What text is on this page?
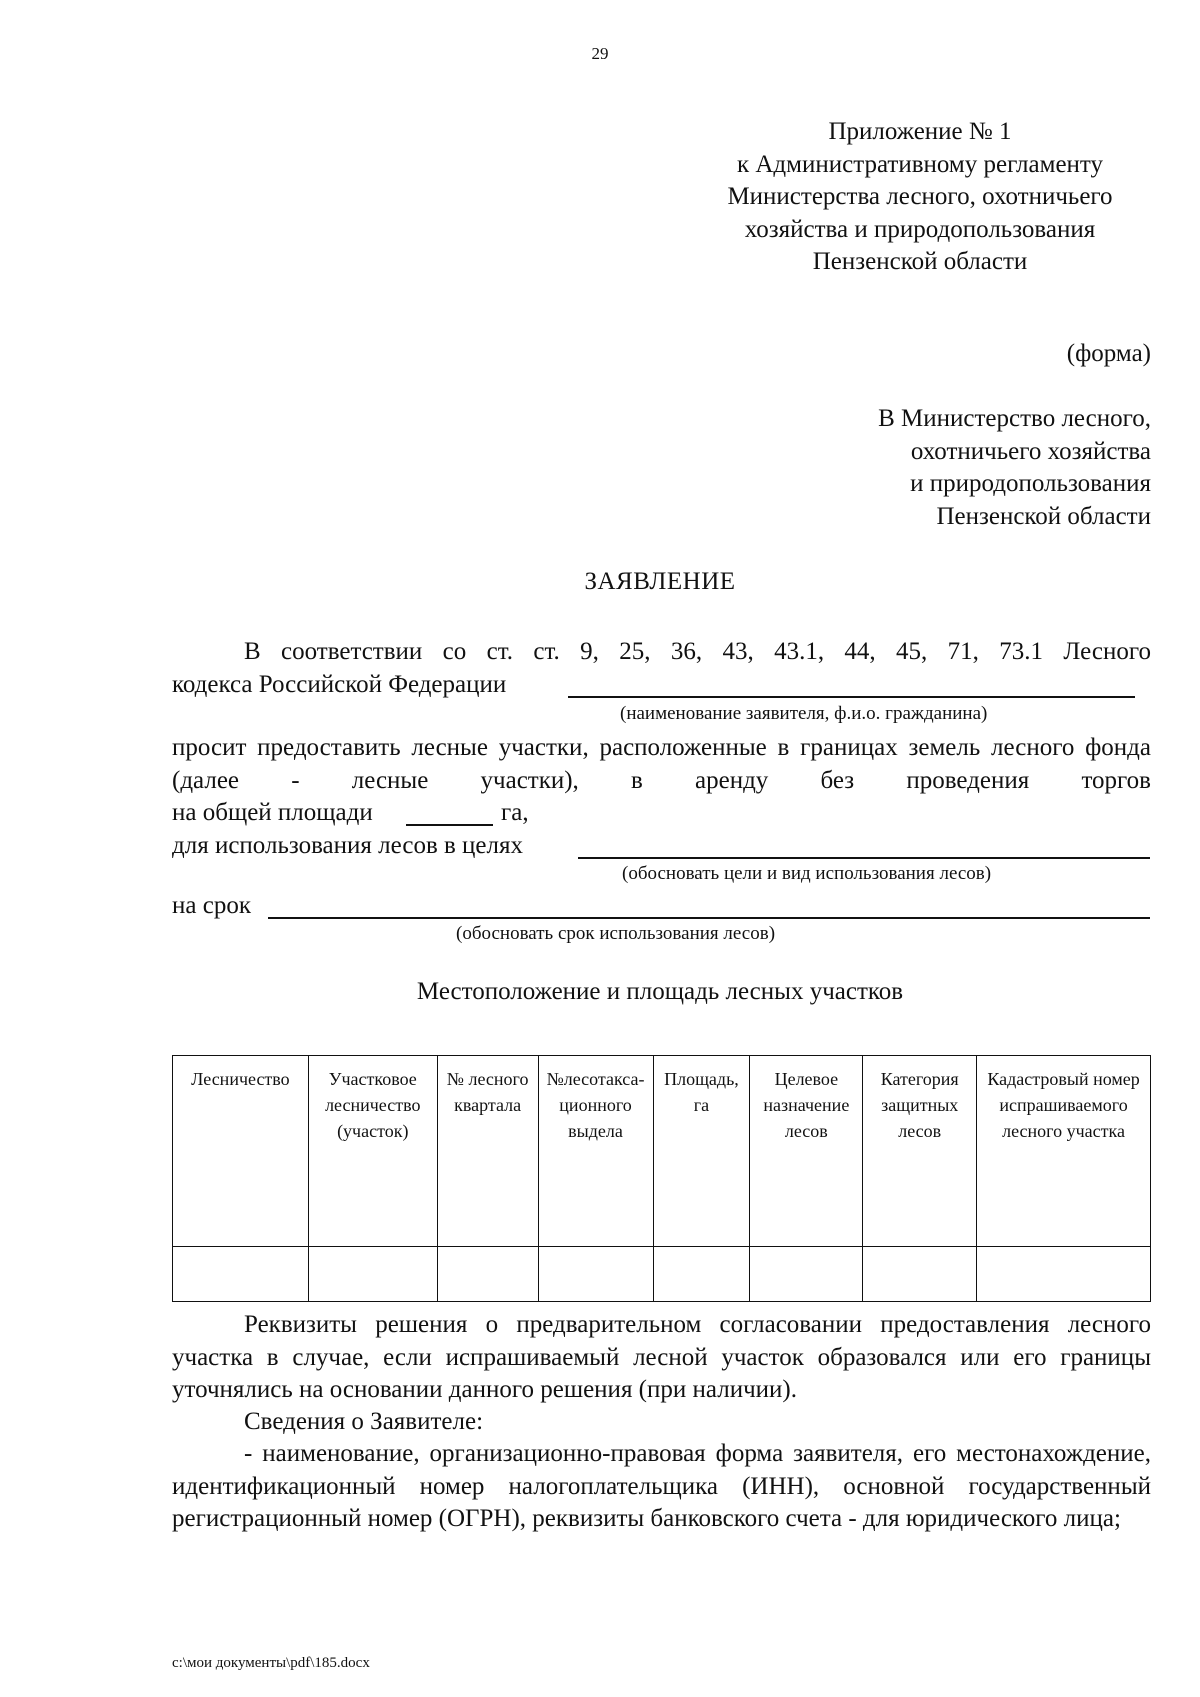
29
Приложение № 1
к Административному регламенту
Министерства лесного, охотничьего
хозяйства и природопользования
Пензенской области
(форма)
В Министерство лесного,
охотничьего хозяйства
и природопользования
Пензенской области
ЗАЯВЛЕНИЕ
В соответствии со ст. ст. 9, 25, 36, 43, 43.1, 44, 45, 71, 73.1 Лесного
кодекса Российской Федерации
(наименование заявителя, ф.и.о. гражданина)
просит предоставить лесные участки, расположенные в границах земель лесного фонда (далее - лесные участки), в аренду без проведения торгов
на общей площади	га,
для использования лесов в целях
(обосновать цели и вид использования лесов)
на срок
(обосновать срок использования лесов)
Местоположение и площадь лесных участков
Лесничество	Участковое лесничество (участок)	№ лесного квартала	№лесотакса-ционного выдела	Площадь, га	Целевое назначение лесов	Категория защитных лесов	Кадастровый номер испрашиваемого лесного участка

Реквизиты решения о предварительном согласовании предоставления лесного участка в случае, если испрашиваемый лесной участок образовался или его границы уточнялись на основании данного решения (при наличии).
Сведения о Заявителе:
- наименование, организационно-правовая форма заявителя, его местонахождение, идентификационный номер налогоплательщика (ИНН), основной государственный регистрационный номер (ОГРН), реквизиты банковского счета - для юридического лица;
c:\мои документы\pdf\185.docx
